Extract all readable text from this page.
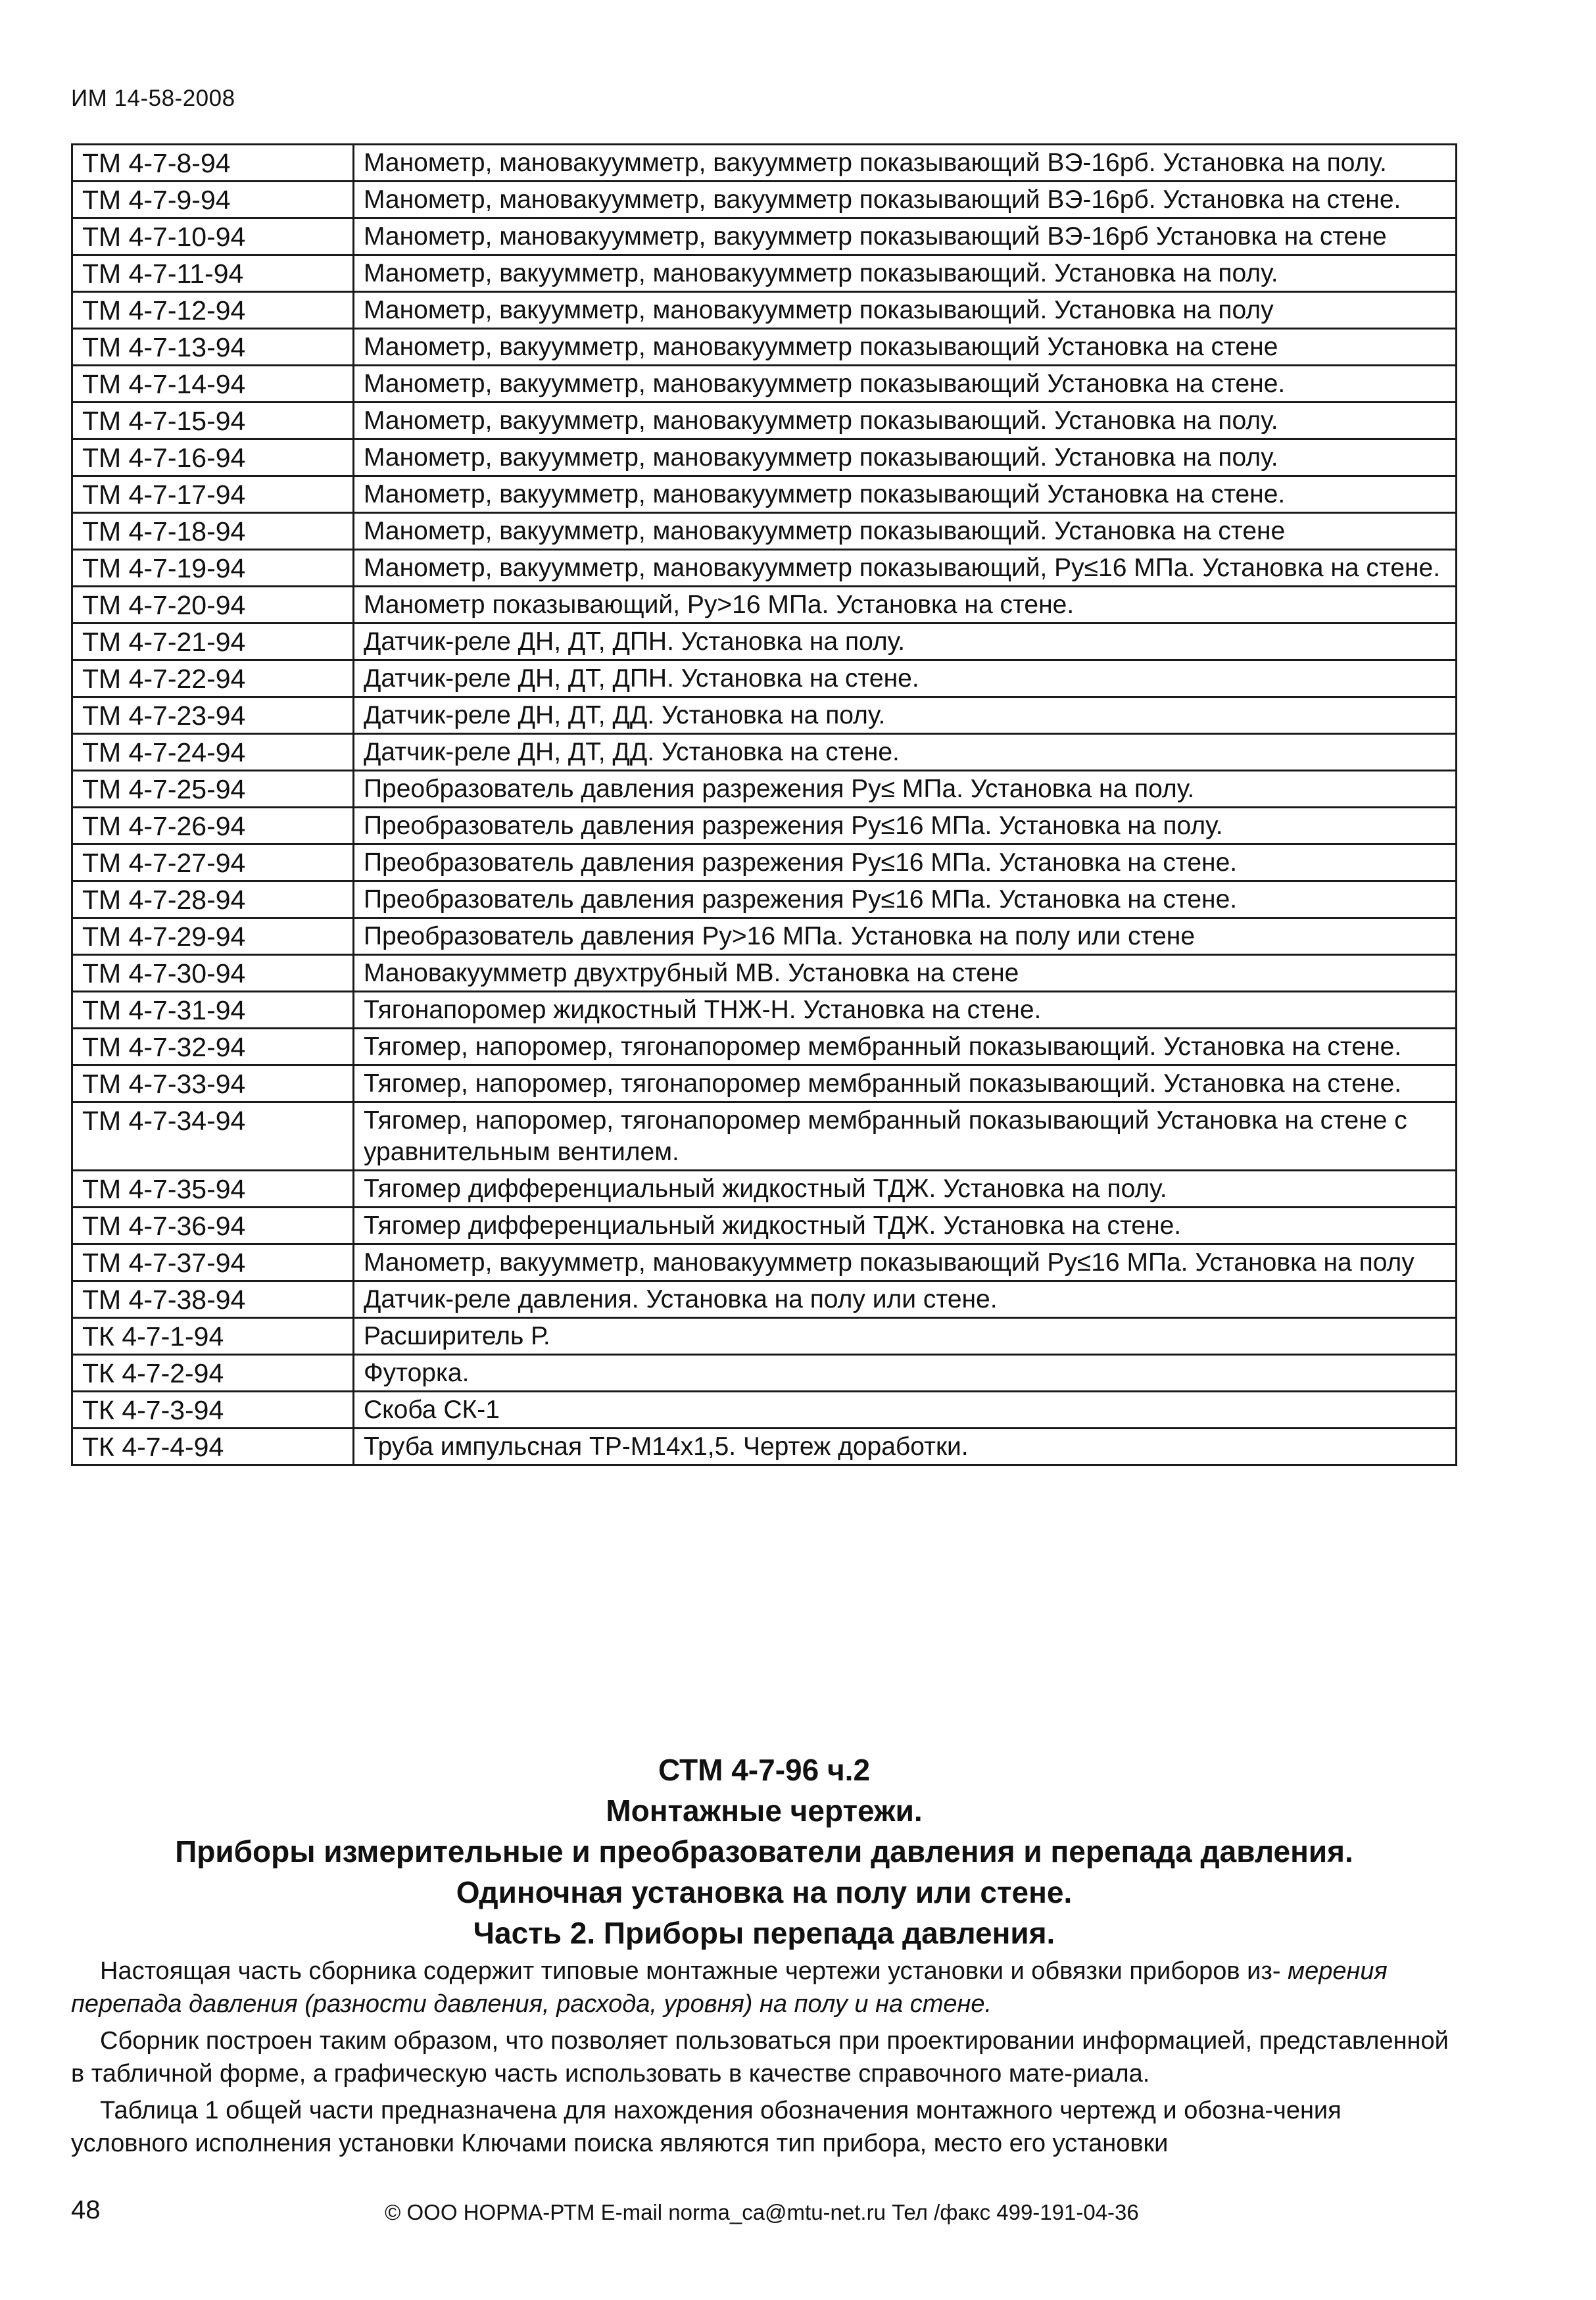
ИМ 14-58-2008
ТМ 4-7-8-94	Манометр, мановакуумметр, вакуумметр показывающий ВЭ-16рб. Установка на полу.
ТМ 4-7-9-94	Манометр, мановакуумметр, вакуумметр показывающий ВЭ-16рб. Установка на стене.
ТМ 4-7-10-94	Манометр, мановакуумметр, вакуумметр показывающий ВЭ-16рб Установка на стене
ТМ 4-7-11-94	Манометр, вакуумметр, мановакуумметр показывающий. Установка на полу.
ТМ 4-7-12-94	Манометр, вакуумметр, мановакуумметр показывающий. Установка на полу
ТМ 4-7-13-94	Манометр, вакуумметр, мановакуумметр показывающий Установка на стене
ТМ 4-7-14-94	Манометр, вакуумметр, мановакуумметр показывающий Установка на стене.
ТМ 4-7-15-94	Манометр, вакуумметр, мановакуумметр показывающий. Установка на полу.
ТМ 4-7-16-94	Манометр, вакуумметр, мановакуумметр показывающий. Установка на полу.
ТМ 4-7-17-94	Манометр, вакуумметр, мановакуумметр показывающий Установка на стене.
ТМ 4-7-18-94	Манометр, вакуумметр, мановакуумметр показывающий. Установка на стене
ТМ 4-7-19-94	Манометр, вакуумметр, мановакуумметр показывающий, Pу≤16 МПа. Установка на стене.
ТМ 4-7-20-94	Манометр показывающий, Pу>16 МПа. Установка на стене.
ТМ 4-7-21-94	Датчик-реле ДН, ДТ, ДПН. Установка на полу.
ТМ 4-7-22-94	Датчик-реле ДН, ДТ, ДПН. Установка на стене.
ТМ 4-7-23-94	Датчик-реле ДН, ДТ, ДД. Установка на полу.
ТМ 4-7-24-94	Датчик-реле ДН, ДТ, ДД. Установка на стене.
ТМ 4-7-25-94	Преобразователь давления разрежения Pу≤ МПа. Установка на полу.
ТМ 4-7-26-94	Преобразователь давления разрежения Pу≤16 МПа. Установка на полу.
ТМ 4-7-27-94	Преобразователь давления разрежения Pу≤16 МПа. Установка на стене.
ТМ 4-7-28-94	Преобразователь давления разрежения Pу≤16 МПа. Установка на стене.
ТМ 4-7-29-94	Преобразователь давления Pу>16 МПа. Установка на полу или стене
ТМ 4-7-30-94	Мановакуумметр двухтрубный МВ. Установка на стене
ТМ 4-7-31-94	Тягонапоромер жидкостный ТНЖ-Н. Установка на стене.
ТМ 4-7-32-94	Тягомер, напоромер, тягонапоромер мембранный показывающий. Установка на стене.
ТМ 4-7-33-94	Тягомер, напоромер, тягонапоромер мембранный показывающий. Установка на стене.
ТМ 4-7-34-94	Тягомер, напоромер, тягонапоромер мембранный показывающий Установка на стене с уравнительным вентилем.
ТМ 4-7-35-94	Тягомер дифференциальный жидкостный ТДЖ. Установка на полу.
ТМ 4-7-36-94	Тягомер дифференциальный жидкостный ТДЖ. Установка на стене.
ТМ 4-7-37-94	Манометр, вакуумметр, мановакуумметр показывающий Pу≤16 МПа. Установка на полу
ТМ 4-7-38-94	Датчик-реле давления. Установка на полу или стене.
ТК 4-7-1-94	Расширитель Р.
ТК 4-7-2-94	Футорка.
ТК 4-7-3-94	Скоба СК-1
ТК 4-7-4-94	Труба импульсная ТР-М14х1,5. Чертеж доработки.
СТМ 4-7-96 ч.2
Монтажные чертежи.
Приборы измерительные и преобразователи давления и перепада давления.
Одиночная установка на полу или стене.
Часть 2. Приборы перепада давления.

Настоящая часть сборника содержит типовые монтажные чертежи установки и обвязки приборов из- мерения перепада давления (разности давления, расхода, уровня) на полу и на стене.

Сборник построен таким образом, что позволяет пользоваться при проектировании информацией, представленной в табличной форме, а графическую часть использовать в качестве справочного мате-риала.

Таблица 1 общей части предназначена для нахождения обозначения монтажного чертежд и обозна-чения условного исполнения установки Ключами поиска являются тип прибора, место его установки

48	© ООО НОРМА-РТМ E-mail norma_ca@mtu-net.ru Тел /факс 499-191-04-36
